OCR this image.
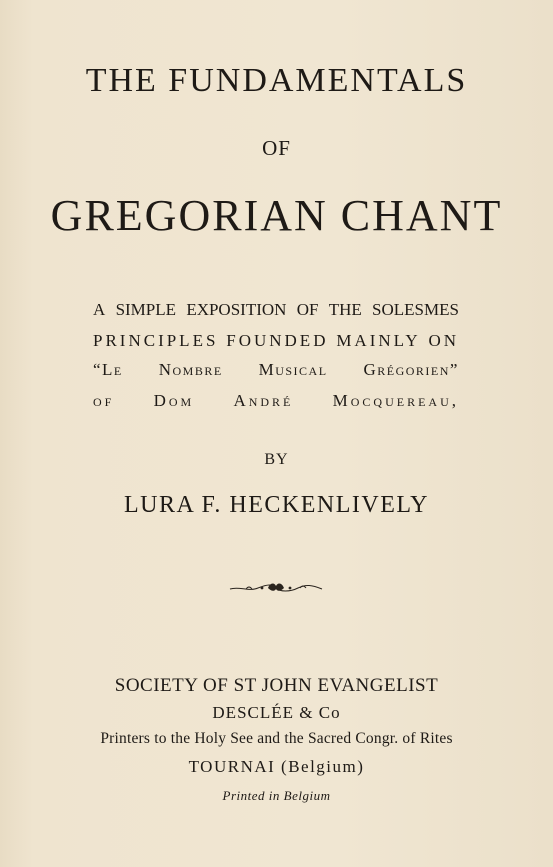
THE FUNDAMENTALS
OF
GREGORIAN CHANT
A SIMPLE EXPOSITION OF THE SOLESMES
PRINCIPLES FOUNDED MAINLY ON
“Le Nombre Musical Grégorien”
of Dom André Mocquereau,
BY
LURA F. HECKENLIVELY
SOCIETY OF ST JOHN EVANGELIST
DESCLÉE & Co
Printers to the Holy See and the Sacred Congr. of Rites
TOURNAI (Belgium)
Printed in Belgium
